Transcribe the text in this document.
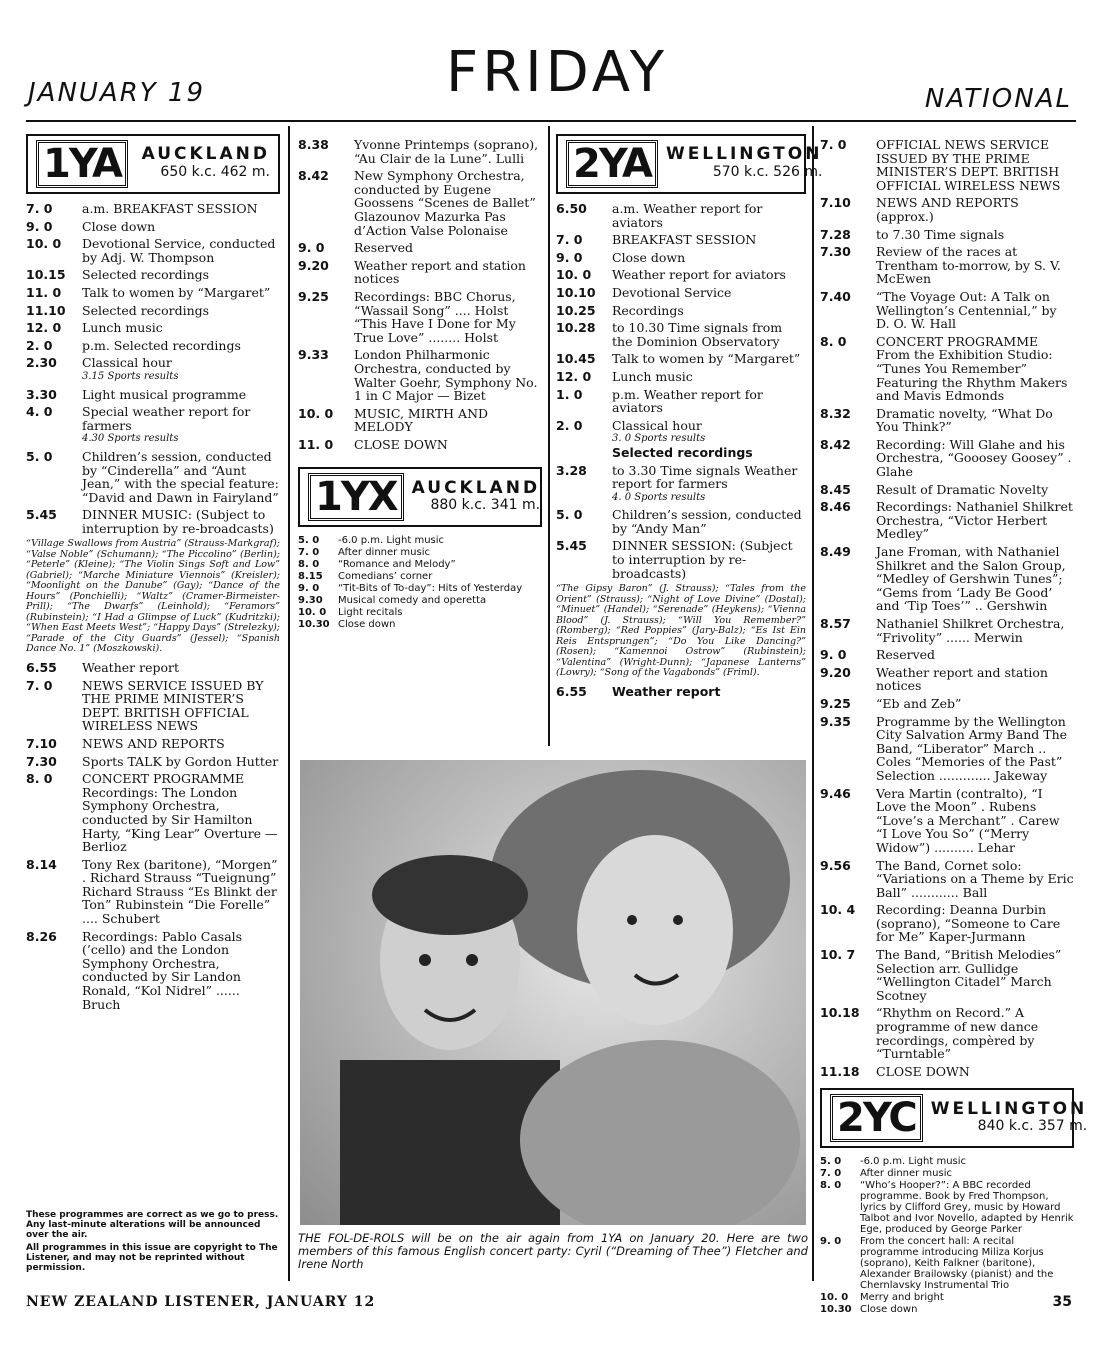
FRIDAY
JANUARY 19	NATIONAL
1YA	AUCKLAND
650 k.c. 462 m.
7. 0	a.m. BREAKFAST SESSION
9. 0	Close down
10. 0	Devotional Service, conducted by Adj. W. Thompson
10.15	Selected recordings
11. 0	Talk to women by “Margaret”
11.10	Selected recordings
12. 0	Lunch music
2. 0	p.m. Selected recordings
2.30	Classical hour
3.15 Sports results
3.30	Light musical programme
4. 0	Special weather report for farmers
4.30 Sports results
5. 0	Children’s session, conducted by “Cinderella” and “Aunt Jean,” with the special feature: “David and Dawn in Fairyland”
5.45	DINNER MUSIC: (Subject to interruption by re-broadcasts)
“Village Swallows from Austria” (Strauss-Markgraf); “Valse Noble” (Schumann); “The Piccolino” (Berlin); “Peterle” (Kleine); “The Violin Sings Soft and Low” (Gabriel); “Marche Miniature Viennois” (Kreisler); “Moonlight on the Danube” (Gay); “Dance of the Hours” (Ponchielli); “Waltz” (Cramer-Birmeister-Prill); “The Dwarfs” (Leinhold); “Feramors” (Rubinstein); “I Had a Glimpse of Luck” (Kudritzki); “When East Meets West”; “Happy Days” (Strelezky); “Parade of the City Guards” (Jessel); “Spanish Dance No. 1” (Moszkowski).
6.55	Weather report
7. 0	NEWS SERVICE ISSUED BY THE PRIME MINISTER’S DEPT. BRITISH OFFICIAL WIRELESS NEWS
7.10	NEWS AND REPORTS
7.30	Sports TALK by Gordon Hutter
8. 0	CONCERT PROGRAMME Recordings: The London Symphony Orchestra, conducted by Sir Hamilton Harty, “King Lear” Overture — Berlioz
8.14	Tony Rex (baritone), “Morgen” . Richard Strauss “Tueignung” Richard Strauss “Es Blinkt der Ton” Rubinstein “Die Forelle” .... Schubert
8.26	Recordings: Pablo Casals (’cello) and the London Symphony Orchestra, conducted by Sir Landon Ronald, “Kol Nidrel” ...... Bruch
These programmes are correct as we go to press. Any last-minute alterations will be announced over the air.
All programmes in this issue are copyright to The Listener, and may not be reprinted without permission.
8.38	Yvonne Printemps (soprano), “Au Clair de la Lune”. Lulli
8.42	New Symphony Orchestra, conducted by Eugene Goossens “Scenes de Ballet” Glazounov Mazurka Pas d’Action Valse Polonaise
9. 0	Reserved
9.20	Weather report and station notices
9.25	Recordings: BBC Chorus, “Wassail Song” .... Holst “This Have I Done for My True Love” ........ Holst
9.33	London Philharmonic Orchestra, conducted by Walter Goehr, Symphony No. 1 in C Major — Bizet
10. 0	MUSIC, MIRTH AND MELODY
11. 0	CLOSE DOWN
1YX AUCKLAND
880 k.c. 341 m.
5. 0	-6.0 p.m. Light music
7. 0	After dinner music
8. 0	“Romance and Melody”
8.15	Comedians’ corner
9. 0	“Tit-Bits of To-day”: Hits of Yesterday
9.30	Musical comedy and operetta
10. 0	Light recitals
10.30 Close down
2YA WELLINGTON
570 k.c. 526 m.
6.50	a.m. Weather report for aviators
7. 0	BREAKFAST SESSION
9. 0	Close down
10. 0	Weather report for aviators
10.10	Devotional Service
10.25	Recordings
10.28	to 10.30 Time signals from the Dominion Observatory
10.45	Talk to women by “Margaret”
12. 0	Lunch music
1. 0	p.m. Weather report for aviators
2. 0	Classical hour
3. 0 Sports results
Selected recordings
3.28	to 3.30 Time signals Weather report for farmers
4. 0 Sports results
5. 0	Children’s session, conducted by “Andy Man”
5.45	DINNER SESSION: (Subject to interruption by re-broadcasts)
“The Gipsy Baron” (J. Strauss); “Tales from the Orient” (Strauss); “Night of Love Divine” (Dostal); “Minuet” (Handel); “Serenade” (Heykens); “Vienna Blood” (J. Strauss); “Will You Remember?” (Romberg); “Red Poppies” (Jary-Balz); “Es Ist Ein Reis Entsprungen”; “Do You Like Dancing?” (Rosen); “Kamennoi Ostrow” (Rubinstein); “Valentina” (Wright-Dunn); “Japanese Lanterns” (Lowry); “Song of the Vagabonds” (Friml).
6.55	Weather report
THE FOL-DE-ROLS will be on the air again from 1YA on January 20. Here are two members of this famous English concert party: Cyril (“Dreaming of Thee”) Fletcher and Irene North
7. 0	OFFICIAL NEWS SERVICE ISSUED BY THE PRIME MINISTER’S DEPT. BRITISH OFFICIAL WIRELESS NEWS
7.10	NEWS AND REPORTS (approx.)
7.28	to 7.30 Time signals
7.30	Review of the races at Trentham to-morrow, by S. V. McEwen
7.40	“The Voyage Out: A Talk on Wellington’s Centennial,” by D. O. W. Hall
8. 0	CONCERT PROGRAMME From the Exhibition Studio: “Tunes You Remember” Featuring the Rhythm Makers and Mavis Edmonds
8.32	Dramatic novelty, “What Do You Think?”
8.42	Recording: Will Glahe and his Orchestra, “Gooosey Goosey” . Glahe
8.45	Result of Dramatic Novelty
8.46	Recordings: Nathaniel Shilkret Orchestra, “Victor Herbert Medley”
8.49	Jane Froman, with Nathaniel Shilkret and the Salon Group, “Medley of Gershwin Tunes”; “Gems from ‘Lady Be Good’ and ‘Tip Toes’” .. Gershwin
8.57	Nathaniel Shilkret Orchestra, “Frivolity” ...... Merwin
9. 0	Reserved
9.20	Weather report and station notices
9.25	“Eb and Zeb”
9.35	Programme by the Wellington City Salvation Army Band The Band, “Liberator” March .. Coles “Memories of the Past” Selection ............. Jakeway
9.46	Vera Martin (contralto), “I Love the Moon” . Rubens “Love’s a Merchant” . Carew “I Love You So” (“Merry Widow”) .......... Lehar
9.56	The Band, Cornet solo: “Variations on a Theme by Eric Ball” ............ Ball
10. 4	Recording: Deanna Durbin (soprano), “Someone to Care for Me” Kaper-Jurmann
10. 7	The Band, “British Melodies” Selection arr. Gullidge “Wellington Citadel” March Scotney
10.18	“Rhythm on Record.” A programme of new dance recordings, compèred by “Turntable”
11.18	CLOSE DOWN
2YC WELLINGTON
840 k.c. 357 m.
5. 0	-6.0 p.m. Light music
7. 0	After dinner music
8. 0	“Who’s Hooper?”: A BBC recorded programme. Book by Fred Thompson, lyrics by Clifford Grey, music by Howard Talbot and Ivor Novello, adapted by Henrik Ege, produced by George Parker
9. 0	From the concert hall: A recital programme introducing Miliza Korjus (soprano), Keith Falkner (baritone), Alexander Brailowsky (pianist) and the Chernlavsky Instrumental Trio
10. 0	Merry and bright
10.30 Close down
NEW ZEALAND LISTENER, JANUARY 12	35
